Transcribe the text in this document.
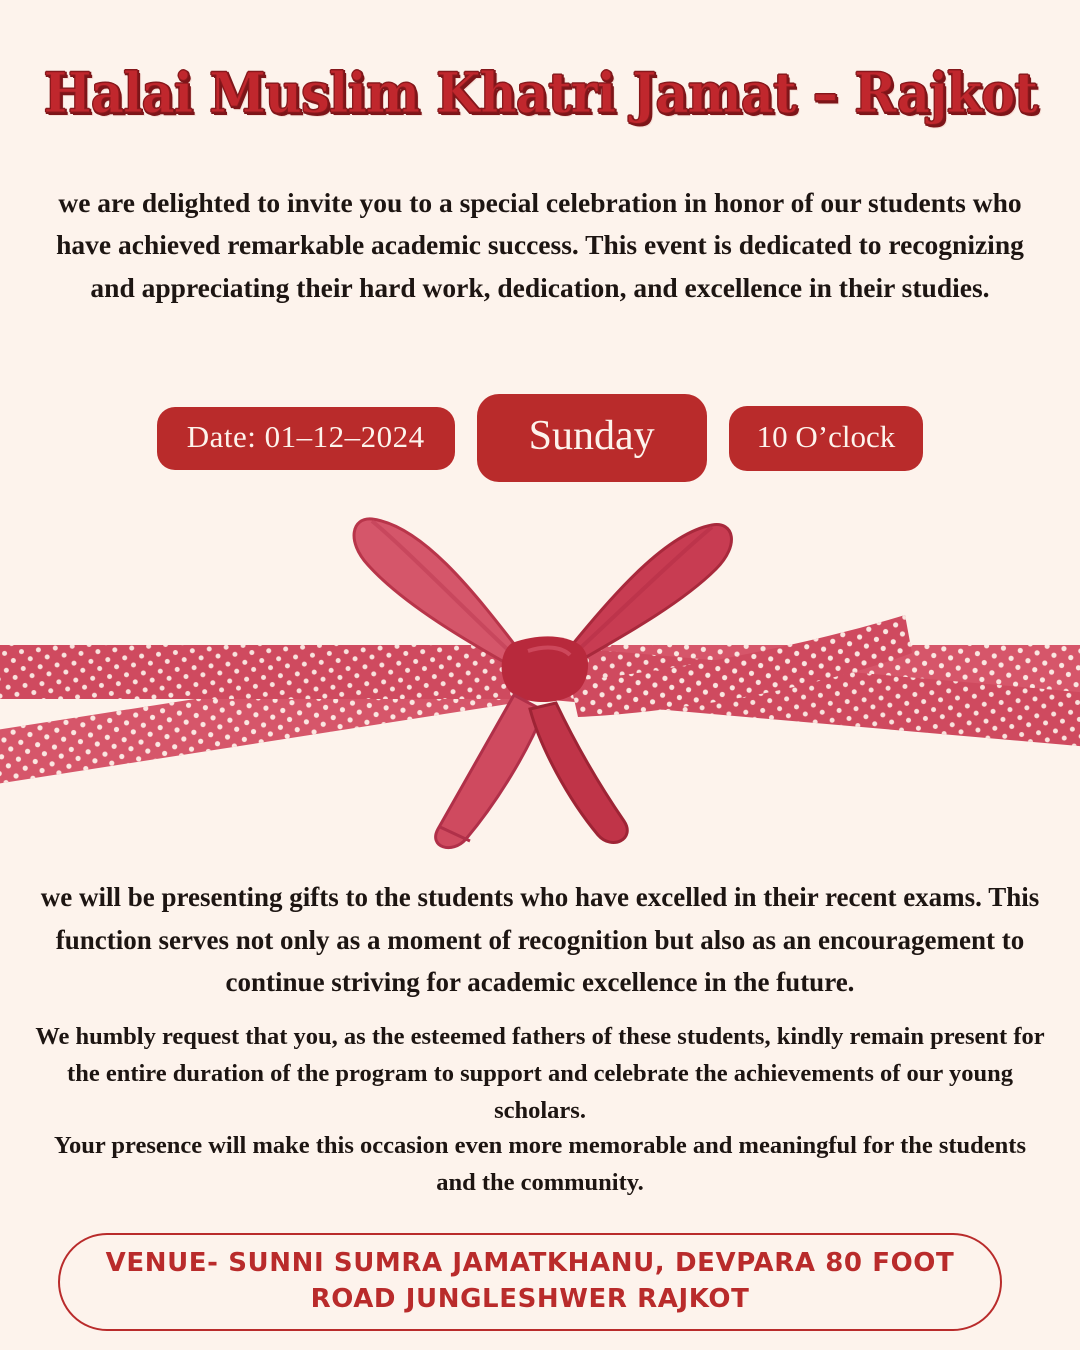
Halai Muslim Khatri Jamat – Rajkot
we are delighted to invite you to a special celebration in honor of our students who have achieved remarkable academic success. This event is dedicated to recognizing and appreciating their hard work, dedication, and excellence in their studies.
Date: 01–12–2024	Sunday	10 O’clock
we will be presenting gifts to the students who have excelled in their recent exams. This function serves not only as a moment of recognition but also as an encouragement to continue striving for academic excellence in the future.
We humbly request that you, as the esteemed fathers of these students, kindly remain present for the entire duration of the program to support and celebrate the achievements of our young scholars.
Your presence will make this occasion even more memorable and meaningful for the students and the community.
VENUE- SUNNI SUMRA JAMATKHANU, DEVPARA 80 FOOT ROAD JUNGLESHWER RAJKOT
